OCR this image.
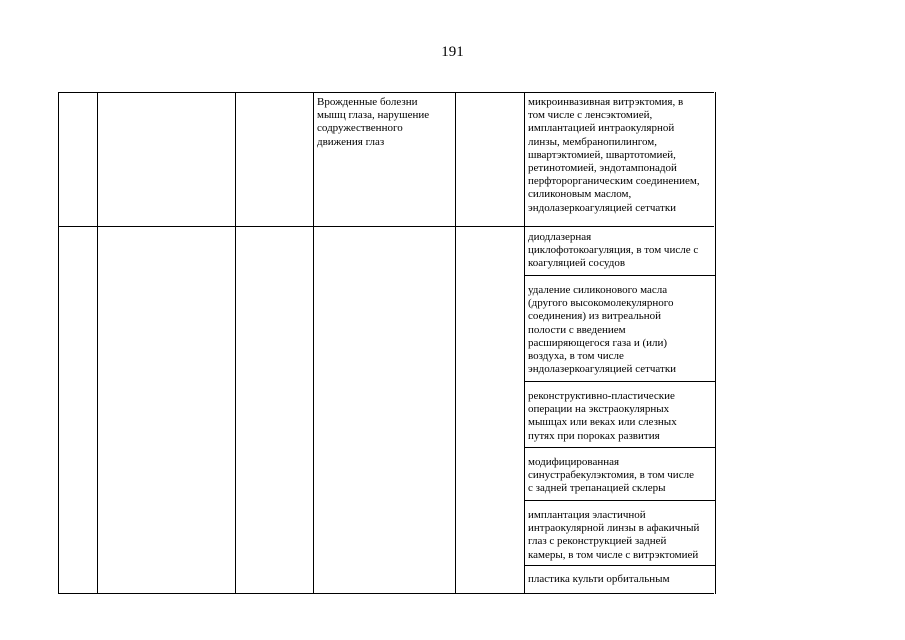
191
Врожденные болезни
мышц глаза, нарушение
содружественного
движения глаз
микроинвазивная витрэктомия, в
том числе с ленсэктомией,
имплантацией интраокулярной
линзы, мембранопилингом,
швартэктомией, швартотомией,
ретинотомией, эндотампонадой
перфторорганическим соединением,
силиконовым маслом,
эндолазеркоагуляцией сетчатки
диодлазерная
циклофотокоагуляция, в том числе с
коагуляцией сосудов
удаление силиконового масла
(другого высокомолекулярного
соединения) из витреальной
полости с введением
расширяющегося газа и (или)
воздуха, в том числе
эндолазеркоагуляцией сетчатки
реконструктивно-пластические
операции на экстраокулярных
мышцах или веках или слезных
путях при пороках развития
модифицированная
синустрабекулэктомия, в том числе
с задней трепанацией склеры
имплантация эластичной
интраокулярной линзы в афакичный
глаз с реконструкцией задней
камеры, в том числе с витрэктомией
пластика культи орбитальным
